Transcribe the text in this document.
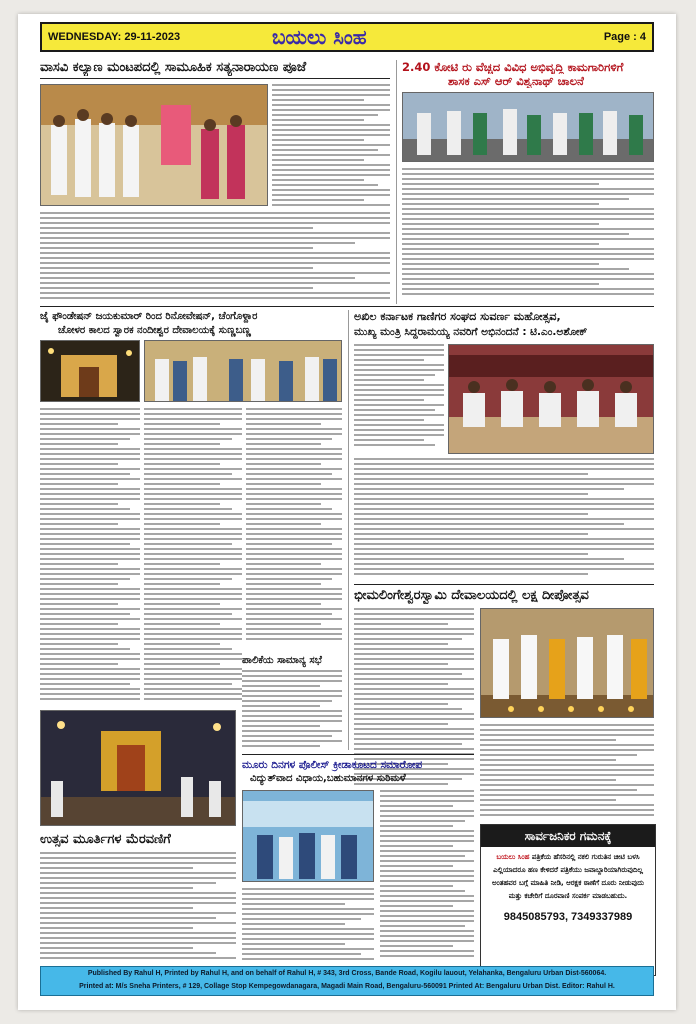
WEDNESDAY: 29-11-2023	ಬಯಲು ಸಿಂಹ	Page : 4
ವಾಸವಿ ಕಲ್ಯಾಣ ಮಂಟಪದಲ್ಲಿ ಸಾಮೂಹಿಕ ಸತ್ಯನಾರಾಯಣ ಪೂಜೆ	2.40 ಕೋಟಿ ರು ವೆಚ್ಚದ ವಿವಿಧ ಅಭಿವೃದ್ಧಿ ಕಾಮಗಾರಿಗಳಿಗೆ
ಶಾಸಕ ಎಸ್ ಆರ್ ವಿಶ್ವನಾಥ್ ಚಾಲನೆ
ಜೈ ಫೌಂಡೇಷನ್ ಜಯಕುಮಾರ್ ರಿಂದ ರಿನೋವೇಷನ್, ಚೆಂಗೊಳ್ದಾರ
ಚೋಳರ ಕಾಲದ ಸ್ವಾರಕ ನಂದೀಶ್ವರ ದೇವಾಲಯಕ್ಕೆ ಸುಣ್ಣಬಣ್ಣ
ಅಖಿಲ ಕರ್ನಾಟಕ ಗಾಣಿಗರ ಸಂಘದ ಸುವರ್ಣ ಮಹೋತ್ಸವ,
ಮುಖ್ಯ ಮಂತ್ರಿ ಸಿದ್ದರಾಮಯ್ಯ ನವರಿಗೆ ಅಭಿನಂದನೆ : ಟಿ.ಎಂ.ಅಶೋಕ್
ಭೀಮಲಿಂಗೇಶ್ವರಸ್ವಾಮಿ ದೇವಾಲಯದಲ್ಲಿ ಲಕ್ಷ ದೀಪೋತ್ಸವ
ಉತ್ಸವ ಮೂರ್ತಿಗಳ ಮೆರವಣಿಗೆ
ಪಾಲಿಕೆಯ ಸಾಮಾನ್ಯ ಸಭೆ
ಮೂರು ದಿನಗಳ ಪೊಲೀಸ್ ಕ್ರೀಡಾಕೂಟದ ಸಮಾರೋಪ
ವಿದ್ಯುತ್‌ವಾದ ವಿಧಾಯ,ಬಹುಮಾನಗಳ ಸುರಿಮಳೆ
ಸಾರ್ವಜನಿಕರ ಗಮನಕ್ಕೆ
ಬಯಲು ಸಿಂಹ ಪತ್ರಿಕೆಯ ಹೆಸರಿನಲ್ಲಿ ನಕಲಿ ಗುರುತಿನ ಚೀಟಿ ಬಳಸಿ ಎಲ್ಲಿಯಾದರೂ ಹಣ ಕೇಳಿದರೆ ಪತ್ರಿಕೆಯು ಜವಾಬ್ದಾರಿಯಾಗಿರುವುದಿಲ್ಲ ಅಂತಹವರ ಬಗ್ಗೆ ಮಾಹಿತಿ ನೀಡಿ, ಆರಕ್ಷಕ ಠಾಣೆಗೆ ದೂರು ನೀಡುವುದು ಮತ್ತು ಕಚೇರಿಗೆ ದೂರವಾಣಿ ಸಂಪರ್ಕ ಮಾಡಬಹುದು.
9845085793, 7349337989

Published By Rahul H, Printed by Rahul H, and on behalf of Rahul H, # 343, 3rd Cross, Bande Road, Kogilu lauout, Yelahanka, Bengaluru Urban Dist-560064.

Printed at: M/s Sneha Printers, # 129, Collage Stop Kempegowdanagara, Magadi Main Road, Bengaluru-560091 Printed At: Bengaluru Urban Dist. Editor: Rahul H.
